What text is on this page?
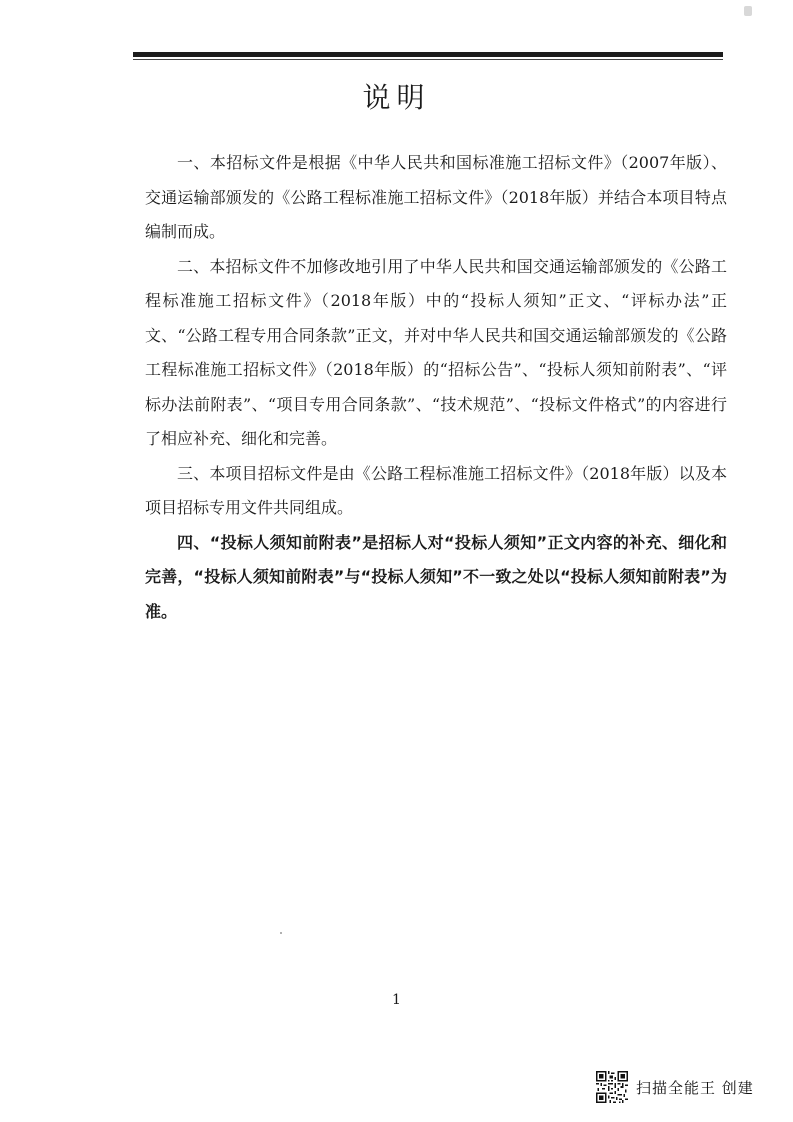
说明

一、本招标文件是根据《中华人民共和国标准施工招标文件》（2007年版）、交通运输部颁发的《公路工程标准施工招标文件》（2018年版）并结合本项目特点编制而成。

二、本招标文件不加修改地引用了中华人民共和国交通运输部颁发的《公路工程标准施工招标文件》（2018年版）中的“投标人须知”正文、“评标办法”正文、“公路工程专用合同条款”正文，并对中华人民共和国交通运输部颁发的《公路工程标准施工招标文件》（2018年版）的“招标公告”、“投标人须知前附表”、“评标办法前附表”、“项目专用合同条款”、“技术规范”、“投标文件格式”的内容进行了相应补充、细化和完善。

三、本项目招标文件是由《公路工程标准施工招标文件》（2018年版）以及本项目招标专用文件共同组成。

四、“投标人须知前附表”是招标人对“投标人须知”正文内容的补充、细化和完善，“投标人须知前附表”与“投标人须知”不一致之处以“投标人须知前附表”为准。

1
扫描全能王 创建
